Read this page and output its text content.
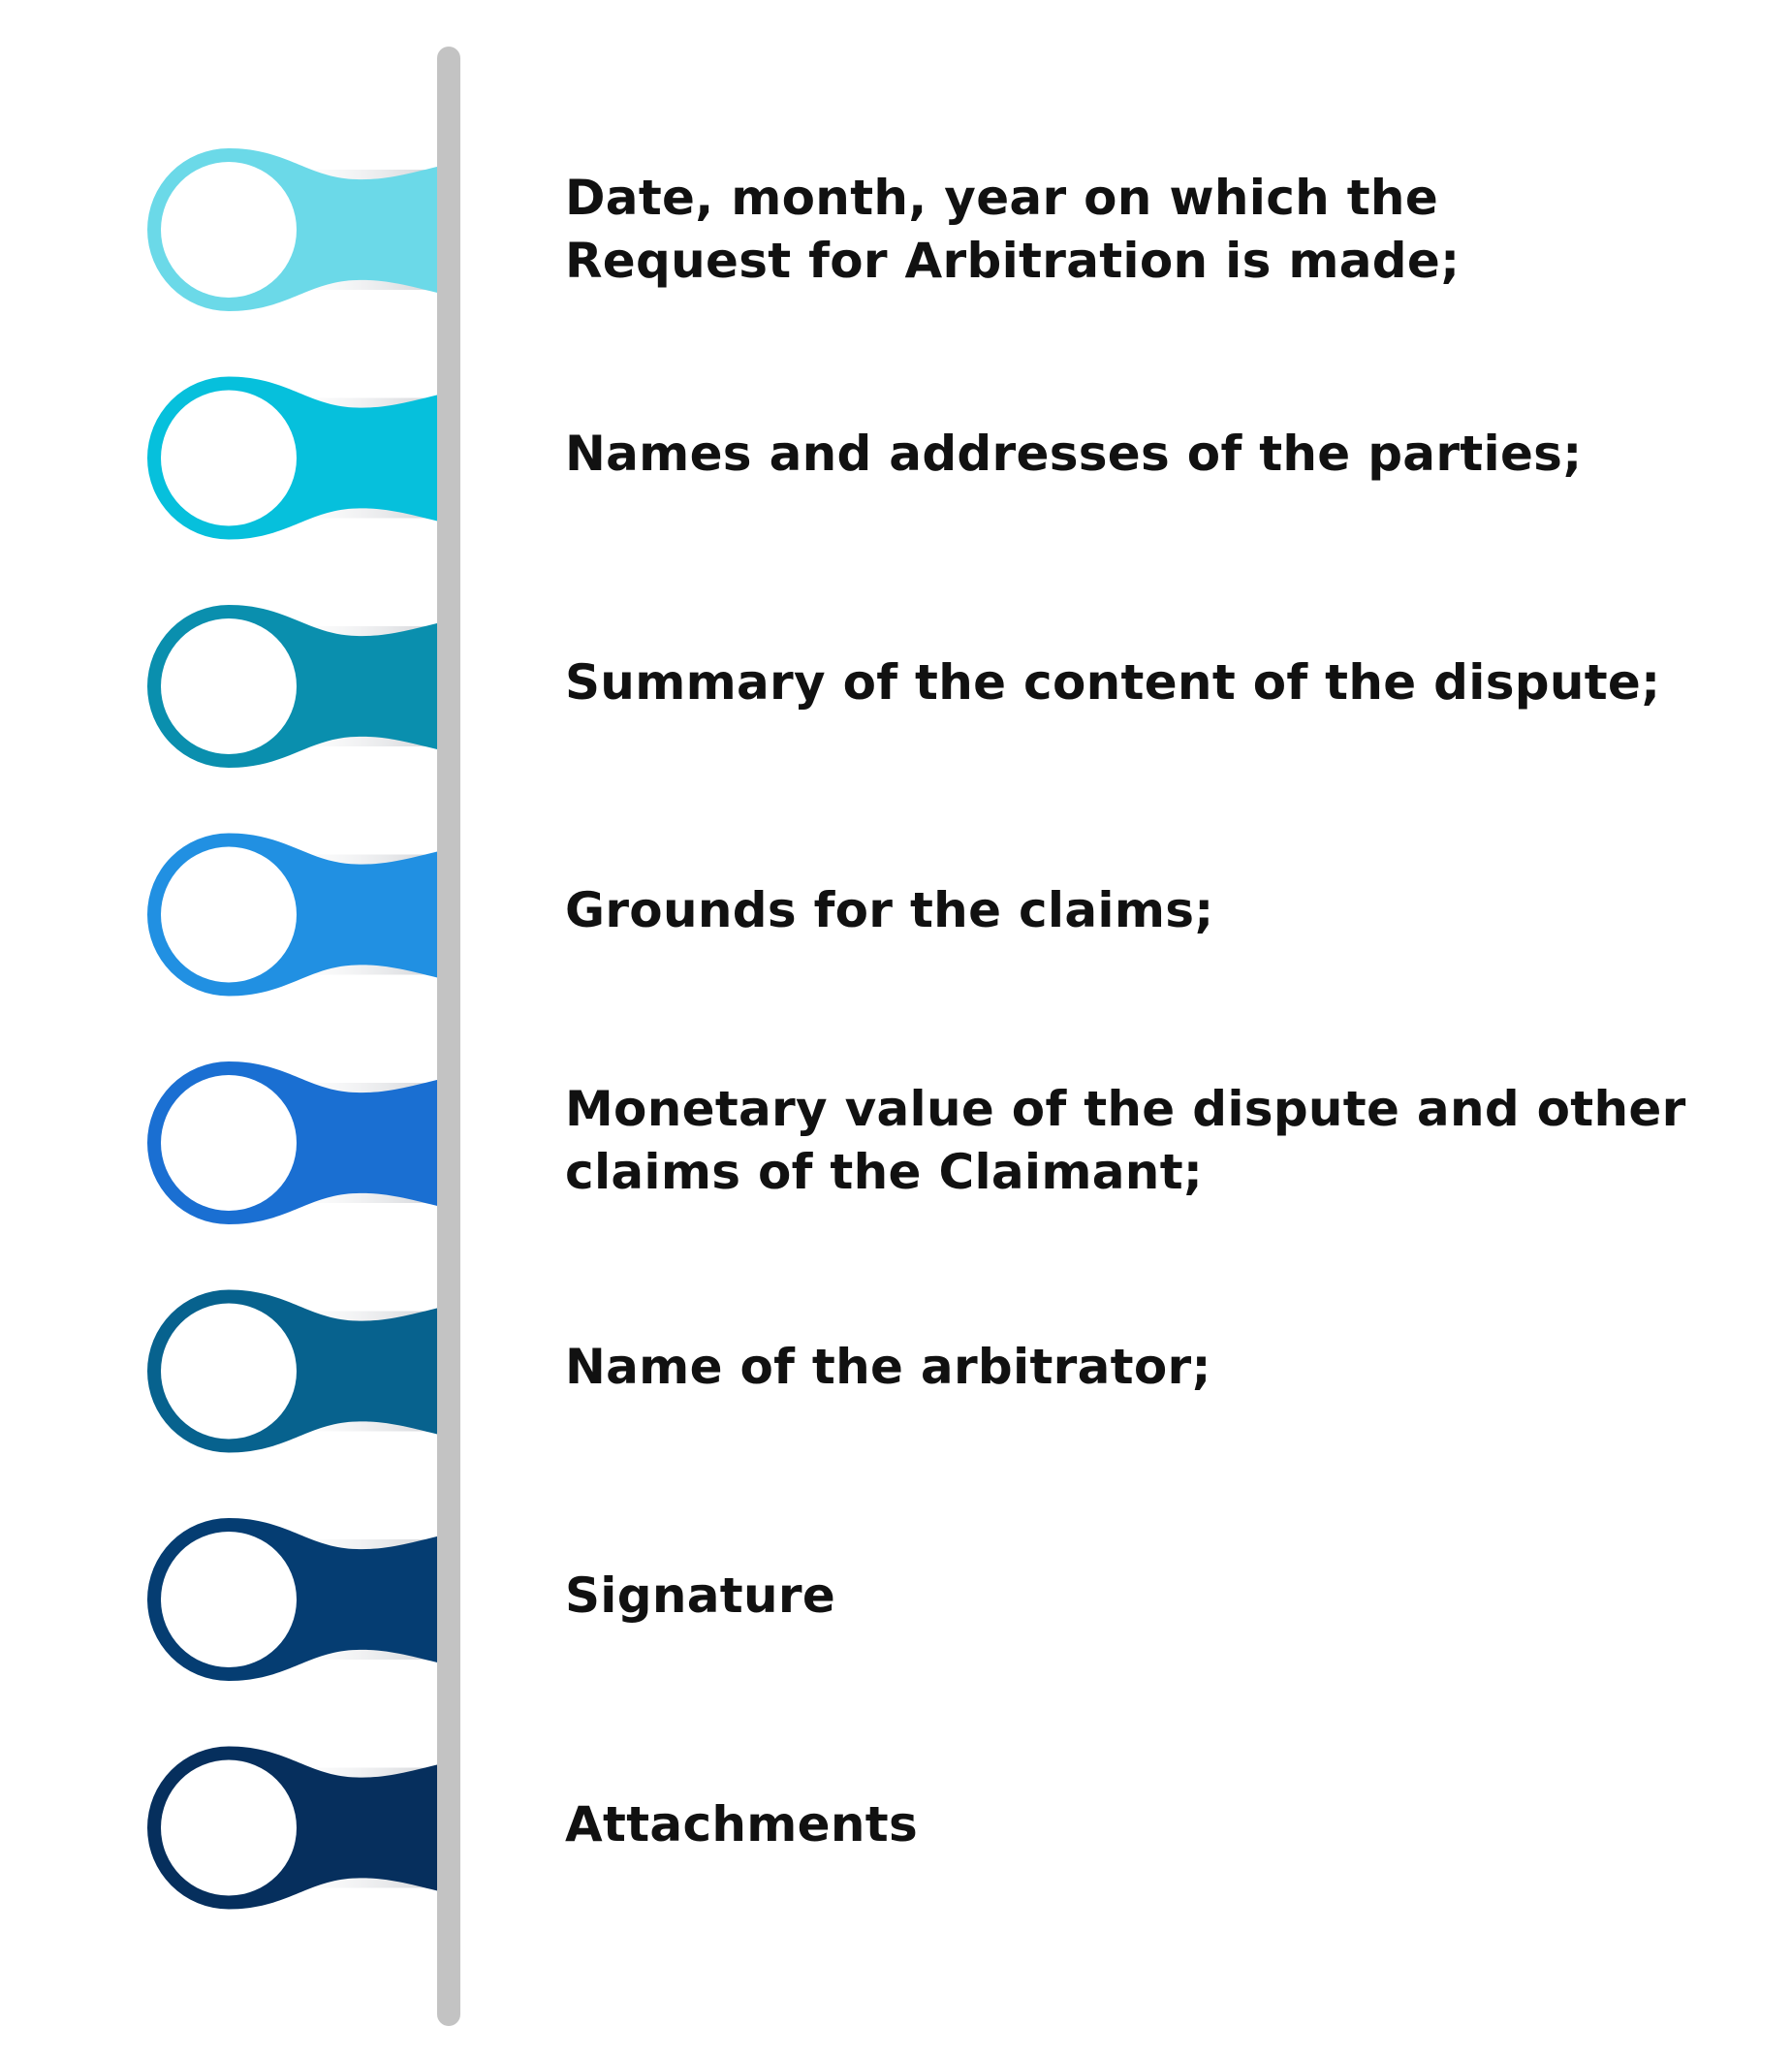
Date, month, year on which the
Request for Arbitration is made;
Names and addresses of the parties;
Summary of the content of the dispute;
Grounds for the claims;
Monetary value of the dispute and other
claims of the Claimant;
Name of the arbitrator;
Signature
Attachments
